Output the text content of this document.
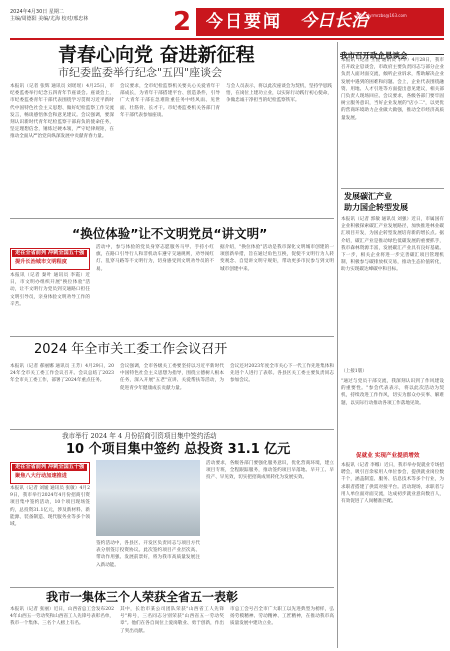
2024年4月30日 星期二
主编/周德阳 美编/尤海 校对/邢忠林	2 今日要闻 今日长治
邮箱: dyrmrzbs@163.com
青春心向党 奋进新征程
市纪委监委举行纪念"五四"座谈会
本报讯（记者 张辉 通讯员 刘瑶瑶）4月25日，市纪委监委举行纪念五四青年节座谈会。座谈会上，市纪委监委青年干部代表围绕学习贯彻习近平新时代中国特色社会主义思想、做好纪检监察工作交流发言，畅谈感悟体会和意见建议。会议强调，要深刻认识新时代青年纪检监察干部肩负的使命任务，坚定理想信念，锤炼过硬本领，严守纪律规矩，在推动全面从严治党向纵深发展中贡献青春力量。
会议要求，全市纪检监察机关要关心关爱青年干部成长，为青年干部搭建平台、创造条件，引导广大青年干部在急难险重任务中经风雨、见世面、壮筋骨、长才干。市纪委监委机关各部门青年干部代表参加座谈。
与会人员表示，将以此次座谈会为契机，坚持学思践悟，在岗位上建功立业，以实际行动践行初心使命，争做忠诚干净担当的纪检监察铁军。
“换位体验”让不文明党员“讲文明”
走在全省前列 冲刺全国五十强
提升长治城市文明程度
本报讯（记者 秦叶 通讯员 李霞）近日，市文明办组织开展"换位体验"活动，让不文明行为党员到交通路口担任文明引导员，亲身体验文明劝导工作的辛苦。
活动中，参与体验的党员身穿志愿服务马甲、手持小红旗，在路口引导行人和非机动车遵守交通规则，劝导闯红灯、乱穿马路等不文明行为，切身感受到文明劝导员的不易。
据介绍，"换位体验"活动是我市深化文明城市创建的一项创新举措，旨在通过角色互换，促使不文明行为人转变观念、自觉讲文明守规矩，带动更多市民参与到文明城市创建中来。
2024 年全市关工委工作会议召开
本报讯（记者 郝丽娜 通讯员 王芳）4月29日，2024年全市关工委工作会议召开。会议总结了2023年全市关工委工作，部署了2024年重点任务。
会议强调，全市各级关工委要坚持以习近平新时代中国特色社会主义思想为指导，围绕立德树人根本任务，深入开展"五老"宣讲、关爱帮扶等活动，为促进青少年健康成长贡献力量。
会议还对2023年度全市关心下一代工作先进集体和先进个人进行了表彰。各县区关工委主要负责同志参加会议。
我市举行 2024 年 4 月份招商引资项目集中签约活动
10 个项目集中签约 总投资 31.1 亿元
走在全省前列 冲刺全国五十强
聚焦八大行动加速推进
本报讯（记者 刘媛 通讯员 张敏）4月29日，我市举行2024年4月份招商引资项目集中签约活动，10个项目现场签约，总投资31.1亿元，涉及新材料、新能源、装备制造、现代服务业等多个领域。
签约活动中，各县区、开发区负责同志与项目方代表分别签订投资协议。此次签约项目产业层次高、带动作用强、发展前景好，将为我市高质量发展注入新动能。
活动要求，各级各部门要强化服务意识，优化营商环境，建立项目专班，全程跟踪服务，推动签约项目早落地、早开工、早投产、早见效，切实把招商成果转化为发展实效。
我市一集体三个人荣获全省五一表彰
本报讯（记者 张丽）近日，山西省总工会发布2024年山西五一劳动奖和山西省工人先锋号表彰名单，我市一个集体、三名个人榜上有名。
其中，长治市某公司团队荣获"山西省工人先锋号"称号，三名同志分别荣获"山西省五一劳动奖章"。他们在各自岗位上爱岗敬业、勇于创新，作出了突出贡献。
市总工会号召全市广大职工以先进典型为榜样，弘扬劳模精神、劳动精神、工匠精神，在推动我市高质量发展中建功立业。
我市召开政企恳谈会
本报讯（记者 王悦 通讯员 李华）4月28日，我市召开政企恳谈会，市政府主要负责同志与部分企业负责人面对面交流，倾听企业诉求，帮助解决企业发展中遇到的困难和问题。会上，企业代表围绕融资、用地、人才引进等方面提出意见建议，相关部门负责人现场回应。会议要求，各级各部门要牢固树立服务意识，当好企业发展的"店小二"，以更优的营商环境助力企业做大做强，推动全市经济高质量发展。
发展碳汇产业
助力国企转型发展
本报讯（记者 郭敏 通讯员 刘强）近日，市属国有企业积极探索碳汇产业发展路径，加快推进林业碳汇项目开发，为国企转型发展培育新的增长点。据介绍，碳汇产业是推动绿色低碳发展的重要抓手，我市森林资源丰富，发展碳汇产业具有良好基础。下一步，相关企业将进一步完善碳汇项目管理机制，积极参与碳排放权交易，推动生态价值转化，助力实现碳达峰碳中和目标。
（上接1版）
"通过与党员干部交流，我深刻认识到了作风建设的重要性。"参会代表表示，将以此次活动为契机，持续改进工作作风，切实为群众办实事、解难题，以实际行动推动各项工作落地见效。
促就业 实现产业提质增效
本报讯（记者 李娜）近日，我市举办促就业专场招聘会，吸引百余家用人单位参会，提供就业岗位数千个，涵盖制造、服务、信息技术等多个行业，为求职者搭建了供需对接平台。活动现场，求职者与用人单位面对面交流，达成初步就业意向数百人，有效促进了人岗精准匹配。
